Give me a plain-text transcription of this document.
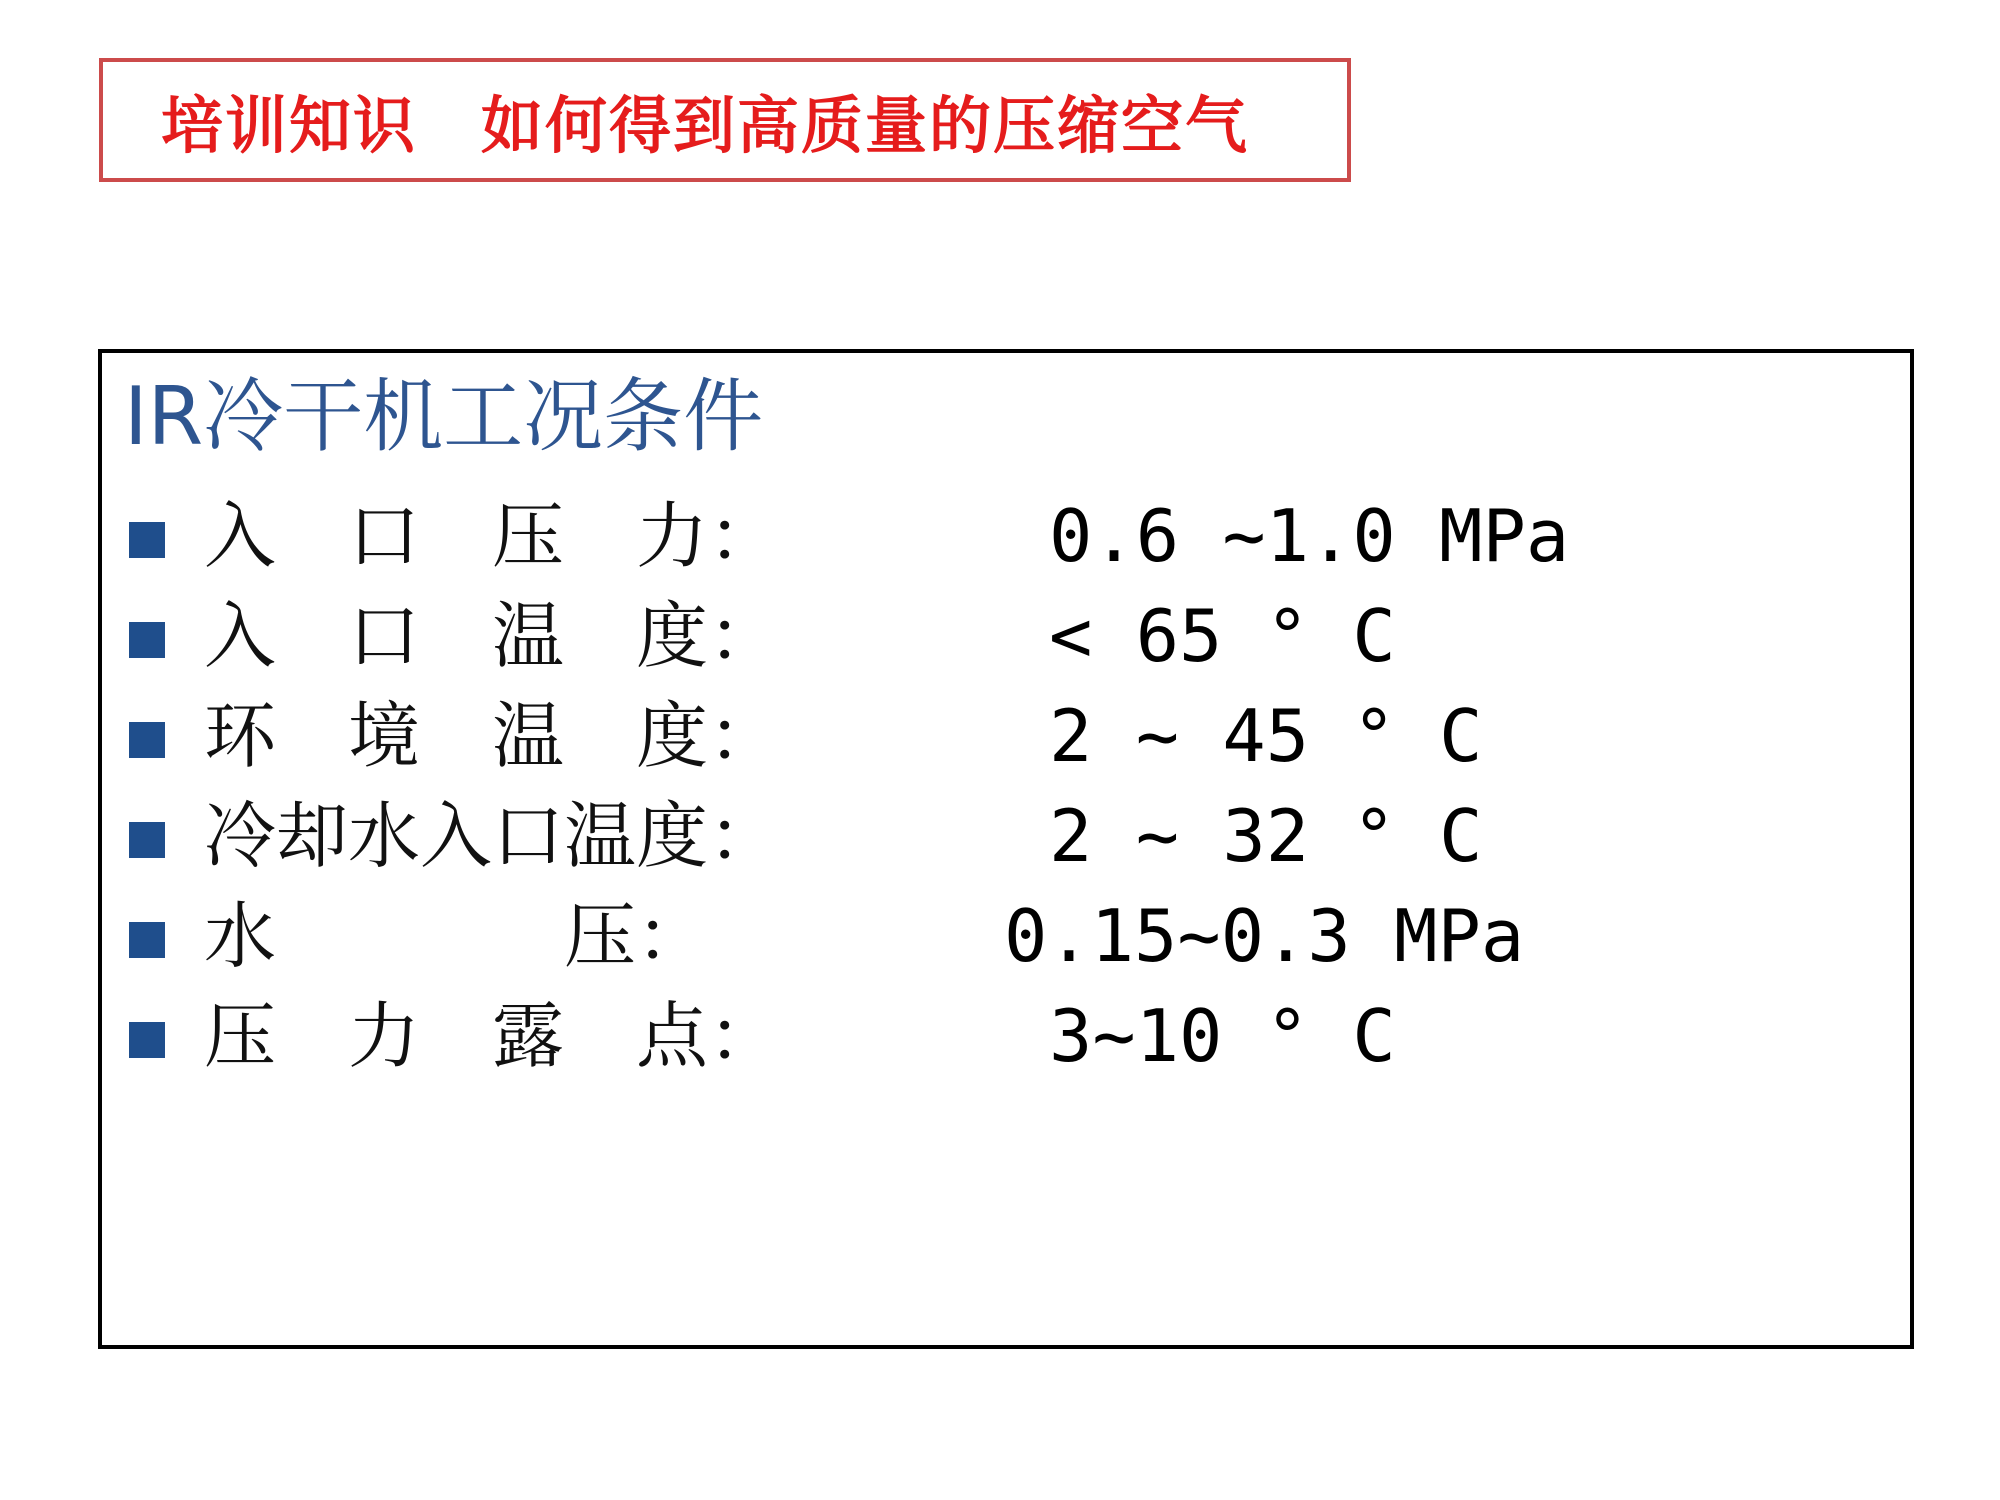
培训知识　如何得到高质量的压缩空气
IR冷干机工况条件
入　口　压　力：	0.6 ~1.0 MPa
入　口　温　度：	< 65 ° C
环　境　温　度：	2 ~ 45 ° C
冷却水入口温度：	2 ~ 32 ° C
水　　　　压：	0.15~0.3 MPa
压　力　露　点：	3~10 ° C
